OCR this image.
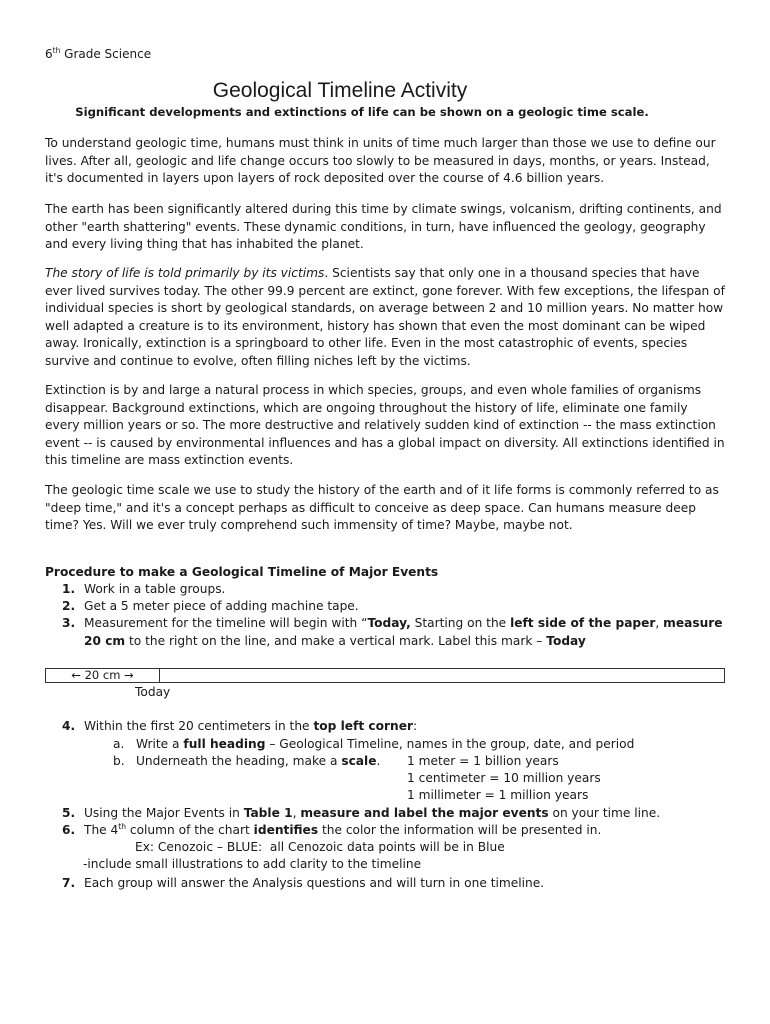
6th Grade Science
Geological Timeline Activity
Significant developments and extinctions of life can be shown on a geologic time scale.

To understand geologic time, humans must think in units of time much larger than those we use to define our lives. After all, geologic and life change occurs too slowly to be measured in days, months, or years. Instead, it's documented in layers upon layers of rock deposited over the course of 4.6 billion years.

The earth has been significantly altered during this time by climate swings, volcanism, drifting continents, and other "earth shattering" events. These dynamic conditions, in turn, have influenced the geology, geography and every living thing that has inhabited the planet.

The story of life is told primarily by its victims. Scientists say that only one in a thousand species that have ever lived survives today. The other 99.9 percent are extinct, gone forever. With few exceptions, the lifespan of individual species is short by geological standards, on average between 2 and 10 million years. No matter how well adapted a creature is to its environment, history has shown that even the most dominant can be wiped away. Ironically, extinction is a springboard to other life. Even in the most catastrophic of events, species survive and continue to evolve, often filling niches left by the victims.

Extinction is by and large a natural process in which species, groups, and even whole families of organisms disappear. Background extinctions, which are ongoing throughout the history of life, eliminate one family every million years or so. The more destructive and relatively sudden kind of extinction -- the mass extinction event -- is caused by environmental influences and has a global impact on diversity. All extinctions identified in this timeline are mass extinction events.

The geologic time scale we use to study the history of the earth and of it life forms is commonly referred to as "deep time," and it's a concept perhaps as difficult to conceive as deep space. Can humans measure deep time? Yes. Will we ever truly comprehend such immensity of time? Maybe, maybe not.

Procedure to make a Geological Timeline of Major Events
1. Work in a table groups.
2. Get a 5 meter piece of adding machine tape.
3. Measurement for the timeline will begin with “Today, Starting on the left side of the paper, measure 20 cm to the right on the line, and make a vertical mark. Label this mark – Today
← 20 cm →
Today
4. Within the first 20 centimeters in the top left corner:
a. Write a full heading – Geological Timeline, names in the group, date, and period
b. Underneath the heading, make a scale. 1 meter = 1 billion years
1 centimeter = 10 million years
1 millimeter = 1 million years
5. Using the Major Events in Table 1, measure and label the major events on your time line.
6. The 4th column of the chart identifies the color the information will be presented in.
Ex: Cenozoic – BLUE:  all Cenozoic data points will be in Blue
-include small illustrations to add clarity to the timeline
7. Each group will answer the Analysis questions and will turn in one timeline.
